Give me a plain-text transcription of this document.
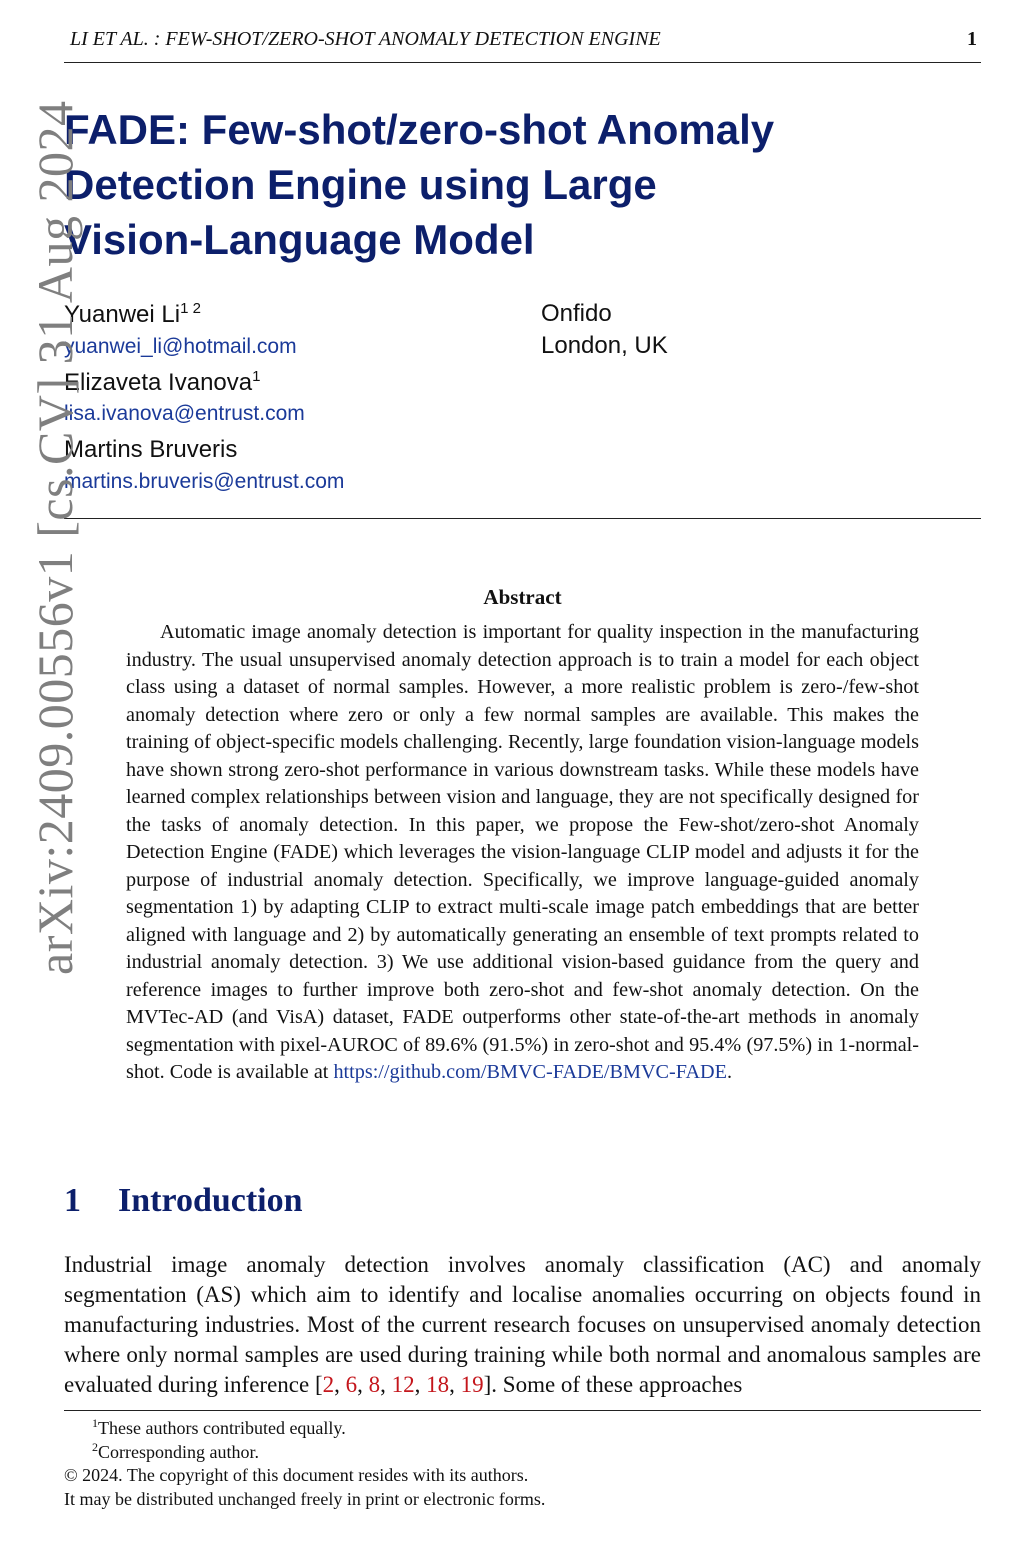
LI ET AL. : FEW-SHOT/ZERO-SHOT ANOMALY DETECTION ENGINE	1
arXiv:2409.00556v1 [cs.CV] 31 Aug 2024
FADE: Few-shot/zero-shot Anomaly
Detection Engine using Large
Vision-Language Model
Yuanwei $Li^{1 2}$
yuanwei_li@hotmail.com
Elizaveta Ivanova$^1$
lisa.ivanova@entrust.com
Martins Bruveris
martins.bruveris@entrust.com
Onfido
London, UK
Abstract

Automatic image anomaly detection is important for quality inspection in the manufacturing industry. The usual unsupervised anomaly detection approach is to train a model for each object class using a dataset of normal samples. However, a more realistic problem is zero-/few-shot anomaly detection where zero or only a few normal samples are available. This makes the training of object-specific models challenging. Recently, large foundation vision-language models have shown strong zero-shot performance in various downstream tasks. While these models have learned complex relationships between vision and language, they are not specifically designed for the tasks of anomaly detection. In this paper, we propose the Few-shot/zero-shot Anomaly Detection Engine (FADE) which leverages the vision-language CLIP model and adjusts it for the purpose of industrial anomaly detection. Specifically, we improve language-guided anomaly segmentation 1) by adapting CLIP to extract multi-scale image patch embeddings that are better aligned with language and 2) by automatically generating an ensemble of text prompts related to industrial anomaly detection. 3) We use additional vision-based guidance from the query and reference images to further improve both zero-shot and few-shot anomaly detection. On the MVTec-AD (and VisA) dataset, FADE outperforms other state-of-the-art methods in anomaly segmentation with pixel-AUROC of 89.6% (91.5%) in zero-shot and 95.4% (97.5%) in 1-normal-shot. Code is available at https://github.com/BMVC-FADE/BMVC-FADE.

1 Introduction

Industrial image anomaly detection involves anomaly classification (AC) and anomaly segmentation (AS) which aim to identify and localise anomalies occurring on objects found in manufacturing industries. Most of the current research focuses on unsupervised anomaly detection where only normal samples are used during training while both normal and anomalous samples are evaluated during inference [2, 6, 8, 12, 18, 19]. Some of these approaches

$^1$These authors contributed equally.
$^2$Corresponding author.
© 2024. The copyright of this document resides with its authors.
It may be distributed unchanged freely in print or electronic forms.
